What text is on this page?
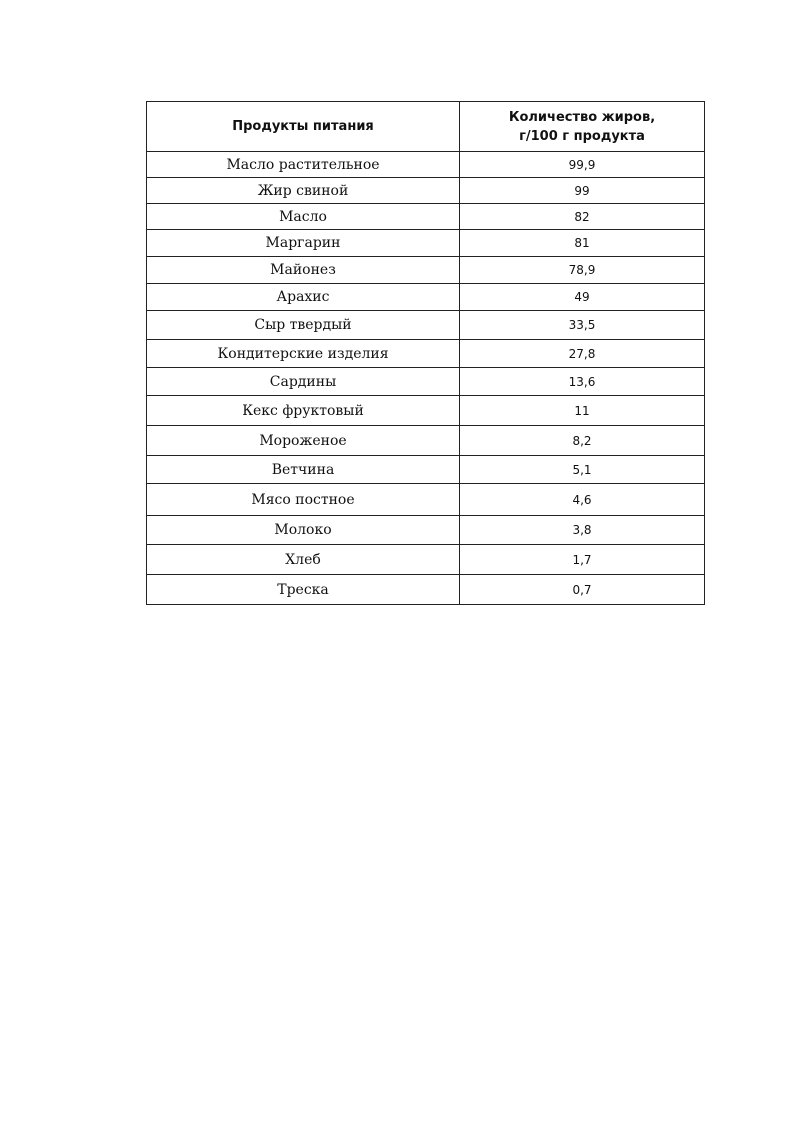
Продукты питания	Количество жиров,
г/100 г продукта

Масло растительное	99,9
Жир свиной	99
Масло	82
Маргарин	81
Майонез	78,9
Арахис	49
Сыр твердый	33,5
Кондитерские изделия	27,8
Сардины	13,6
Кекс фруктовый	11
Мороженое	8,2
Ветчина	5,1
Мясо постное	4,6
Молоко	3,8
Хлеб	1,7
Треска	0,7
